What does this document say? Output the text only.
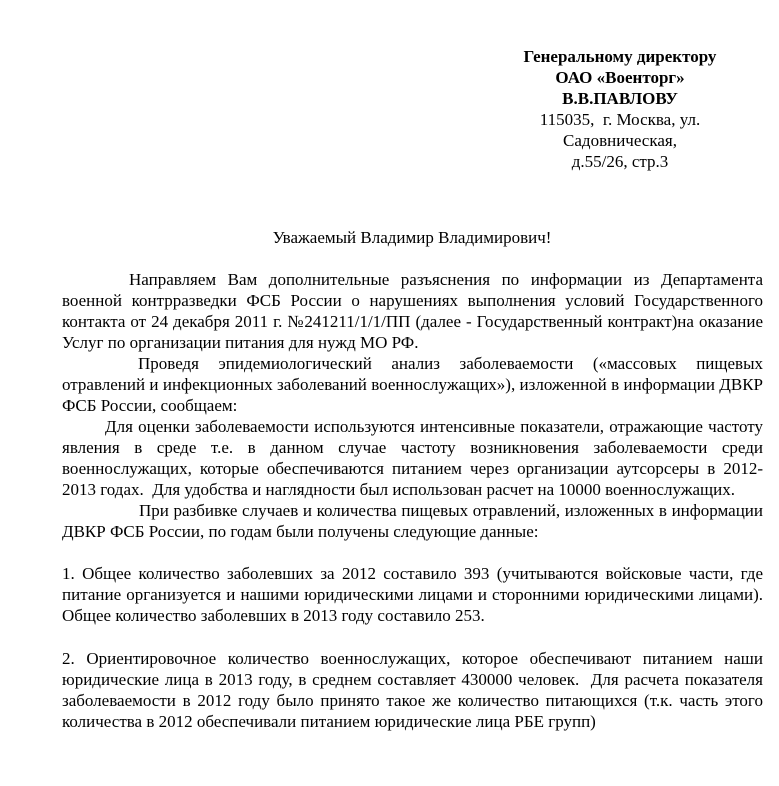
Генеральному директору
ОАО «Военторг»
В.В.ПАВЛОВУ
115035,  г. Москва, ул.
Садовническая,
д.55/26, стр.3
Уважаемый Владимир Владимирович!

Направляем Вам дополнительные разъяснения по информации из Департамента военной контрразведки ФСБ России о нарушениях выполнения условий Государственного контакта от 24 декабря 2011 г. №241211/1/1/ПП (далее - Государственный контракт)на оказание Услуг по организации питания для нужд МО РФ.

Проведя эпидемиологический анализ заболеваемости («массовых пищевых отравлений и инфекционных заболеваний военнослужащих»), изложенной в информации ДВКР ФСБ России, сообщаем:

Для оценки заболеваемости используются интенсивные показатели, отражающие частоту явления в среде т.е. в данном случае частоту возникновения заболеваемости среди военнослужащих, которые обеспечиваются питанием через организации аутсорсеры в 2012-2013 годах.  Для удобства и наглядности был использован расчет на 10000 военнослужащих.

При разбивке случаев и количества пищевых отравлений, изложенных в информации ДВКР ФСБ России, по годам были получены следующие данные:

1. Общее количество заболевших за 2012 составило 393 (учитываются войсковые части, где питание организуется и нашими юридическими лицами и сторонними юридическими лицами). Общее количество заболевших в 2013 году составило 253.

2. Ориентировочное количество военнослужащих, которое обеспечивают питанием наши юридические лица в 2013 году, в среднем составляет 430000 человек.  Для расчета показателя заболеваемости в 2012 году было принято такое же количество питающихся (т.к. часть этого количества в 2012 обеспечивали питанием юридические лица РБЕ групп)
